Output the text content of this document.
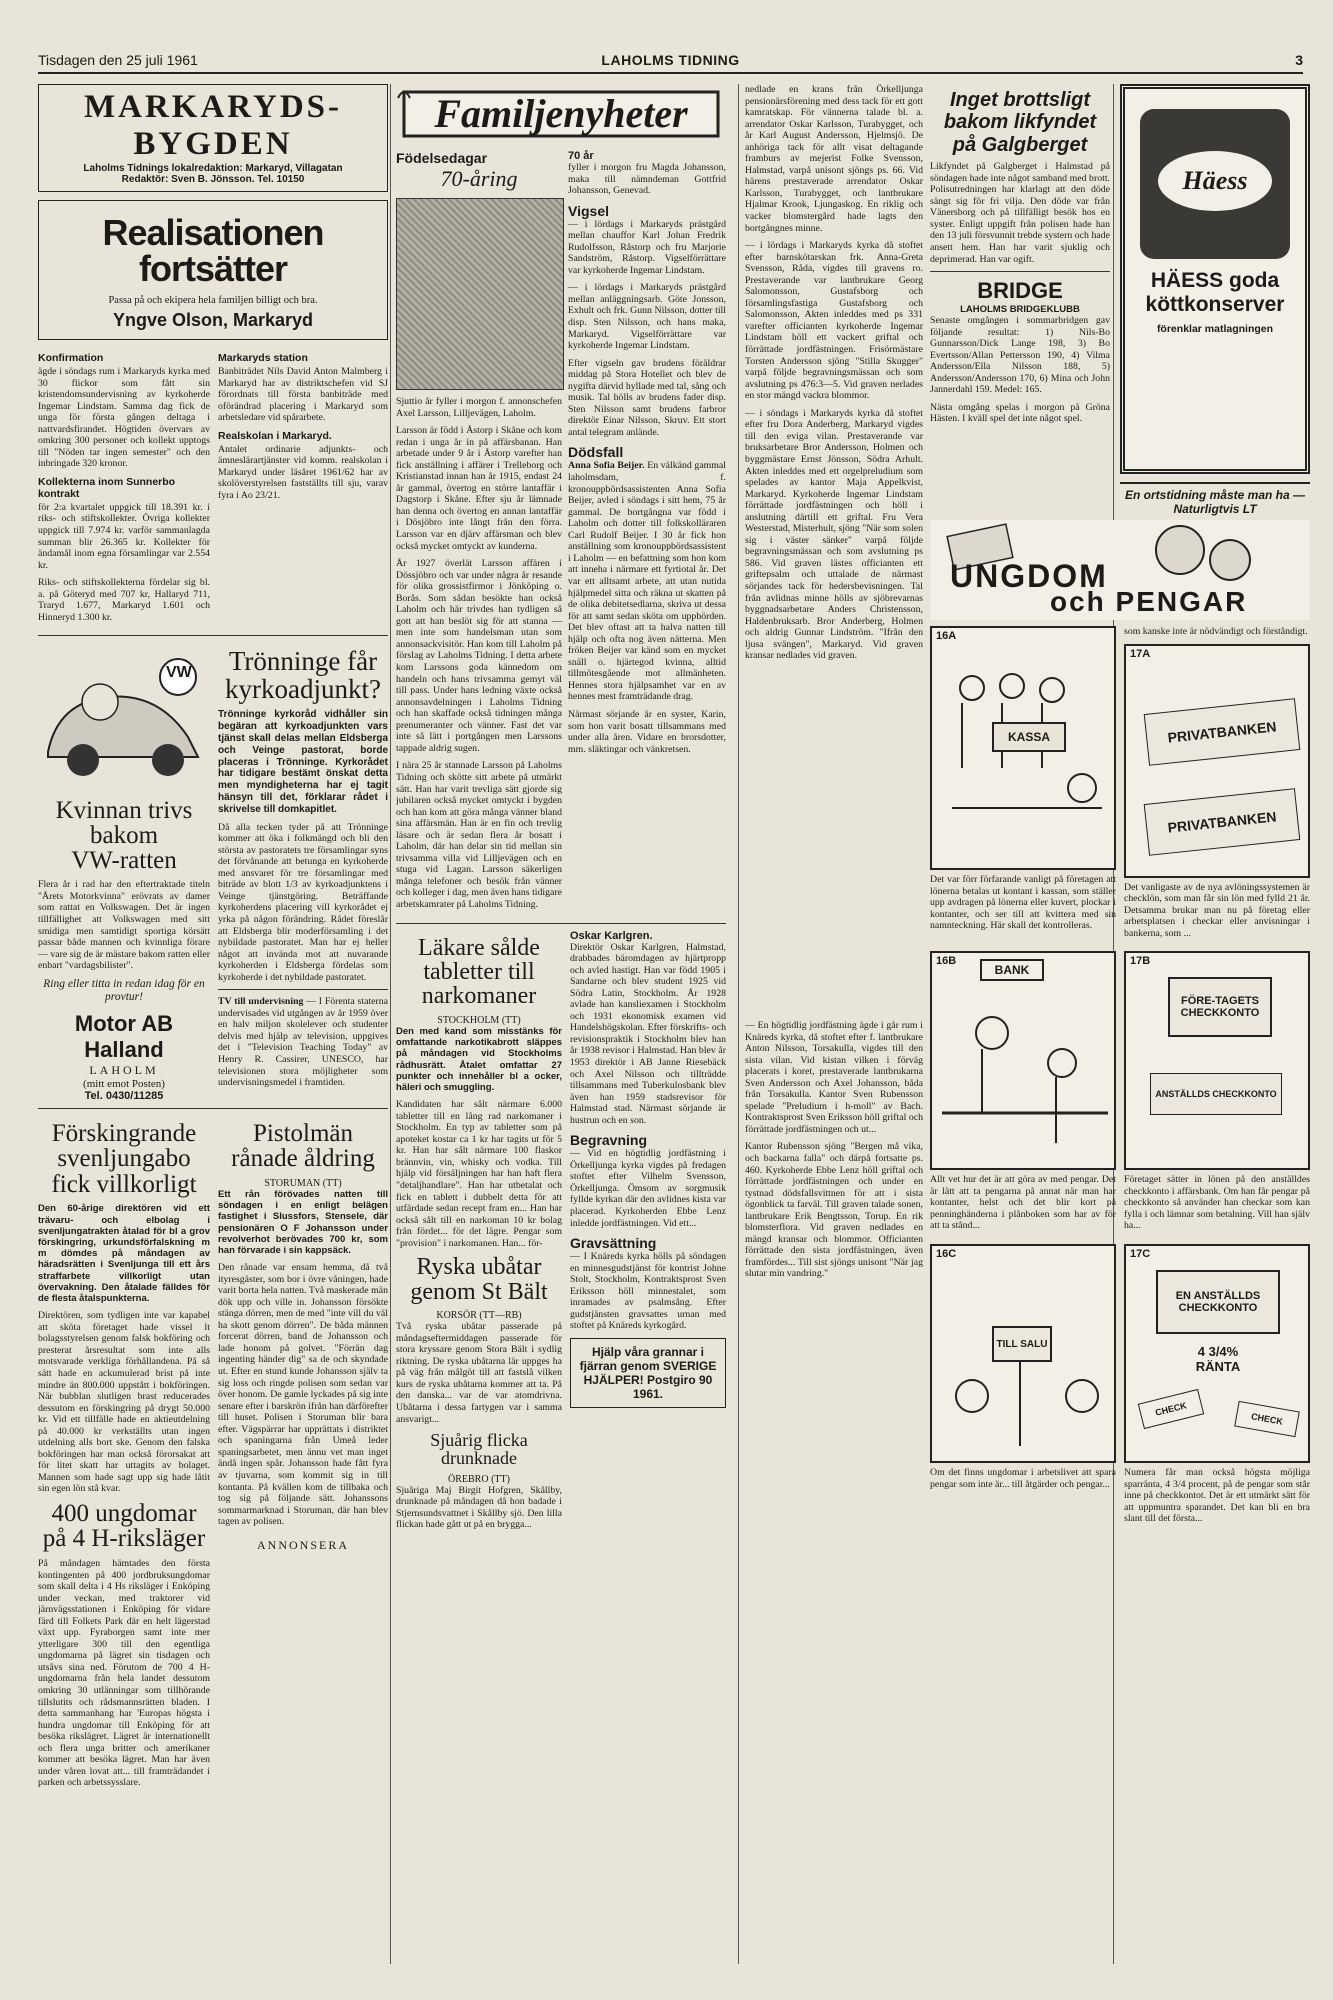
Tisdagen den 25 juli 1961	LAHOLMS TIDNING	3
MARKARYDS-BYGDEN
Laholms Tidnings lokalredaktion: Markaryd, Villagatan
Redaktör: Sven B. Jönsson. Tel. 10150
Realisationen fortsätter
Passa på och ekipera hela familjen billigt och bra.
Yngve Olson, Markaryd
Konfirmation

ägde i söndags rum i Markaryds kyrka med 30 flickor som fått sin kristendomsundervisning av kyrkoherde Ingemar Lindstam. Samma dag fick de unga för första gången deltaga i nattvardsfirandet. Högtiden övervars av omkring 300 personer och kollekt upptogs till "Nöden tar ingen semester" och den inbringade 320 kronor.

Kollekterna inom Sunnerbo kontrakt

för 2:a kvartalet uppgick till 18.391 kr. i riks- och stiftskollekter. Övriga kollekter uppgick till 7.974 kr. varför sammanlagda summan blir 26.365 kr. Kollekter för ändamål inom egna församlingar var 2.554 kr.

Riks- och stiftskollekterna fördelar sig bl. a. på Göteryd med 707 kr, Hallaryd 711, Traryd 1.677, Markaryd 1.601 och Hinneryd 1.300 kr.

Markaryds station

Banbiträdet Nils David Anton Malmberg i Markaryd har av distriktschefen vid SJ förordnats till första banbiträde med oförändrad placering i Markaryd som arbetsledare vid spårarbete.

Realskolan i Markaryd.

Antalet ordinarie adjunkts- och ämneslärartjänster vid komm. realskolan i Markaryd under läsåret 1961/62 har av skolöverstyrelsen fastställts till sju, varav fyra i Ao 23/21.

VW
Kvinnan trivs
bakom
VW-ratten

Flera år i rad har den eftertraktade titeln "Årets Motorkvinna" erövrats av damer som rattat en Volkswagen. Det är ingen tillfällighet att Volkswagen med sitt smidiga men samtidigt sportiga körsätt passar både mannen och kvinnliga förare — vare sig de är mästare bakom ratten eller enbart "vardagsbilister".

Ring eller titta in redan idag för en provtur!

Motor AB Halland
LAHOLM
(mitt emot Posten)
Tel. 0430/11285
Trönninge får kyrkoadjunkt?

Trönninge kyrkoråd vidhåller sin begäran att kyrkoadjunkten vars tjänst skall delas mellan Eldsberga och Veinge pastorat, borde placeras i Trönninge. Kyrkorådet har tidigare bestämt önskat detta men myndigheterna har ej tagit hänsyn till det, förklarar rådet i skrivelse till domkapitlet.

Då alla tecken tyder på att Trönninge kommer att öka i folkmängd och bli den största av pastoratets tre församlingar syns det förvånande att betunga en kyrkoherde med ansvaret för tre församlingar med biträde av blott 1/3 av kyrkoadjunktens i Veinge tjänstgöring. Beträffande kyrkoherdens placering vill kyrkorådet ej yrka på någon förändring. Rådet föreslår att Eldsberga blir moderförsamling i det nybildade pastoratet. Man har ej heller något att invända mot att nuvarande kyrkoherden i Eldsberga fördelas som kyrkoherde i det nybildade pastoratet.

TV till undervisning — I Förenta staterna undervisades vid utgången av år 1959 över en halv miljon skolelever och studenter delvis med hjälp av television, uppgives det i "Television Teaching Today" av Henry R. Cassirer, UNESCO, har televisionen stora möjligheter som undervisningsmedel i framtiden.

Förskingrande svenljungabo fick villkorligt

Den 60-årige direktören vid ett trävaru- och elbolag i svenljungatrakten åtalad för bl a grov förskingring, urkundsförfalskning m m dömdes på måndagen av häradsrätten i Svenljunga till ett års straffarbete villkorligt utan övervakning. Den åtalade fälldes för de flesta åtalspunkterna.

Direktören, som tydligen inte var kapabel att sköta företaget hade vissel lt bolagsstyrelsen genom falsk bokföring och presterat årsresultat som inte alls motsvarade verkliga förhållandena. På så sätt hade en ackumulerad brist på inte mindre än 800.000 uppstått i bokföringen. När bubblan slutligen brast reducerades dessutom en förskingring på drygt 50.000 kr. Vid ett tillfälle hade en aktieutdelning på 40.000 kr verkställts utan ingen utdelning alls bort ske. Genom den falska bokföringen har man också förorsakat att för litet skatt har uttagits av bolaget. Mannen som hade sagt upp sig hade låtit sin egen lön stå kvar.

400 ungdomar på 4 H-riksläger

På måndagen hämtades den första kontingenten på 400 jordbruksungdomar som skall delta i 4 Hs riksläger i Enköping under veckan, med traktorer vid järnvägsstationen i Enköping för vidare färd till Folkets Park där en helt lägerstad växt upp. Fyraborgen samt inte mer ytterligare 300 till den egentliga ungdomarna på lägret sin tisdagen och utsåvs sina ned. Förutom de 700 4 H-ungdomarna från hela landet dessutom omkring 30 utlänningar som tillhörande tillslutits och rådsmannsrätten bladen. I detta sammanhang har 'Europas högsta i hundra ungdomar till Enköping för att besöka rikslägret. Lägret är internationellt och flera unga britter och amerikaner kommer att besöka lägret. Man har även under våren lovat att... till framträdandet i parken och arbetssysslare.

Pistolmän rånade åldring
STORUMAN (TT)

Ett rån förövades natten till söndagen i en enligt belägen fastighet i Slussfors, Stensele, där pensionären O F Johansson under revolverhot berövades 700 kr, som han förvarade i sin kappsäck.

Den rånade var ensam hemma, då två ityresgäster, som bor i övre våningen, hade varit borta hela natten. Två maskerade män dök upp och ville in. Johansson försökte stänga dörren, men de med "inte vill du väl ha skott genom dörren". De båda männen forcerat dörren, band de Johansson och lade honom på golvet. "Förrän dag ingenting händer dig" sa de och skyndade ut. Efter en stund kunde Johansson själv ta sig loss och ringde polisen som sedan var över honom. De gamle lyckades på sig inte senare efter i barskrön ifrån han därförefter till huset. Polisen i Storuman blir bara efter. Vägspärrar har upprättats i distriktet och spaningarna från Umeå leder spaningsarbetet, men ännu vet man inget ändå ingen spår. Johansson hade fått fyra av tjuvarna, som kommit sig in till kontanta. På kvällen kom de tillbaka och tog sig på följande sätt. Johanssons sommarmarknad i Storuman, där han blev tagen av polisen.

ANNONSERA
Familjenyheter
Födelsedagar
70-åring

Sjuttio år fyller i morgon f. annonschefen Axel Larsson, Lilljevägen, Laholm.

Larsson är född i Åstorp i Skåne och kom redan i unga år in på affärsbanan. Han arbetade under 9 år i Åstorp varefter han fick anställning i affärer i Trelleborg och Kristianstad innan han år 1915, endast 24 år gammal, övertog en större lantaffär i Dagstorp i Skåne. Efter sju år lämnade han denna och övertog en annan lantaffär i Dösjöbro inte långt från den förra. Larsson var en djärv affärsman och blev också mycket omtyckt av kunderna.

År 1927 överlät Larsson affären i Dössjöbro och var under några år resande för olika grossistfirmor i Jönköping o. Borås. Som sådan besökte han också Laholm och här trivdes han tydligen så gott att han beslöt sig för att stanna — men inte som handelsman utan som annonsackvisitör. Han kom till Laholm på förslag av Laholms Tidning. I detta arbete kom Larssons goda kännedom om handeln och hans trivsamma gemyt väl till pass. Under hans ledning växte också annonsavdelningen i Laholms Tidning och han skaffade också tidningen många prenumeranter och vänner. Fast det var inte så lätt i portgången men Larssons tappade aldrig sugen.

I nära 25 år stannade Larsson på Laholms Tidning och skötte sitt arbete på utmärkt sätt. Han har varit trevliga sätt gjorde sig jubilaren också mycket omtyckt i bygden och han kom att göra många vänner bland sina affärsmän. Han är en fin och trevlig läsare och är sedan flera år bosatt i Laholm, där han delar sin tid mellan sin trivsamma villa vid Lilljevägen och en stuga vid Lagan. Larsson säkerligen många telefoner och besök från vänner och kolleger i dag, men även hans tidigare arbetskamrater på Laholms Tidning.

70 år

fyller i morgon fru Magda Johansson, maka till nämndeman Gottfrid Johansson, Genevad.

Vigsel

— i lördags i Markaryds prästgård mellan chauffor Karl Johan Fredrik Rudolfsson, Råstorp och fru Marjorie Sandström, Råstorp. Vigselförrättare var kyrkoherde Ingemar Lindstam.

— i lördags i Markaryds prästgård mellan anläggningsarb. Göte Jonsson, Exhult och frk. Gunn Nilsson, dotter till disp. Sten Nilsson, och hans maka, Markaryd. Vigselförrättare var kyrkoherde Ingemar Lindstam.

Efter vigseln gav brudens föräldrar middag på Stora Hotellet och blev de nygifta därvid hyllade med tal, sång och musik. Tal hölls av brudens fader disp. Sten Nilsson samt brudens farbror direktör Einar Nilsson, Skruv. Ett stort antal telegram anlände.

Dödsfall

Anna Sofia Beijer. En välkänd gammal laholmsdam, f. kronouppbördsassistenten Anna Sofia Beijer, avled i söndags i sitt hem, 75 år gammal. De bortgångna var född i Laholm och dotter till folkskolläraren Carl Rudolf Beijer. I 30 år fick hon anställning som kronouppbördsassistent i Laholm — en befattning som hon kom att inneha i närmare ett fyrtiotal år. Det var ett alltsamt arbete, att utan nutida hjälpmedel sitta och räkna ut skatten på de olika debitetsedlarna, skriva ut dessa för att samt sedan sköta om uppbörden. Det blev oftast att ta halva natten till hjälp och ofta nog även nätterna. Men fröken Beijer var känd som en mycket snäll o. hjärtegod kvinna, alltid tillmötesgående mot allmänheten. Hennes stora hjälpsamhet var en av hennes mest framträdande drag.

Närmast sörjande är en syster, Karin, som hon varit bosatt tillsammans med under alla åren. Vidare en brorsdotter, mm. släktingar och vänkretsen.

Läkare sålde tabletter till narkomaner
STOCKHOLM (TT)

Den med kand som misstänks för omfattande narkotikabrott släppes på måndagen vid Stockholms rådhusrätt. Åtalet omfattar 27 punkter och innehåller bl a ocker, häleri och smuggling.

Kandidaten har sålt närmare 6.000 tabletter till en lång rad narkomaner i Stockholm. En typ av tabletter som på apoteket kostar ca 1 kr har tagits ut för 5 kr. Han har sålt närmare 100 flaskor brännvin, vin, whisky och vodka. Till hjälp vid försäljningen har han haft flera "detaljhandlare". Han har utbetalat och fick en tablett i dubbelt detta för att utfärdade sedan recept fram en... Han har också sålt till en narkoman 10 kr bolag från fördet... för det lägre. Pengar som "provision" i narkomanen. Han... för-

Ryska ubåtar genom St Bält
KORSÖR (TT—RB)

Två ryska ubåtar passerade på måndagseftermiddagen passerade för stora kryssare genom Stora Bält i sydlig riktning. De ryska ubåtarna lär uppges ha på väg från målgöt till att fastslå vilken kurs de ryska ubåtarna kommer att ta. På den danska... var de var atomdrivna. Ubåtarna i dessa fartygen var i samma ansvarigt...

Sjuårig flicka drunknade
ÖREBRO (TT)

Sjuåriga Maj Birgit Hofgren, Skållby, drunknade på måndagen då hon badade i Stjernsundsvattnet i Skållby sjö. Den lilla flickan hade gått ut på en brygga...

Oskar Karlgren.

Direktör Oskar Karlgren, Halmstad, drabbades bäromdagen av hjärtpropp och avled hastigt. Han var född 1905 i Sandarne och blev student 1925 vid Södra Latin, Stockholm. År 1928 avlade han kansliexamen i Stockholm och 1931 ekonomisk examen vid Handelshögskolan. Efter förskrifts- och revisionspraktik i Stockholm blev han år 1938 revisor i Halmstad. Han blev år 1953 direktör i AB Janne Riesebäck och Axel Nilsson och tillträdde tillsammans med Tuberkulosbank blev även han 1959 stadsrevisor för Halmstad stad. Närmast sörjande är hustrun och en son.

Begravning

— Vid en högtidlig jordfästning i Örkelljunga kyrka vigdes på fredagen stoftet efter Vilhelm Svensson, Örkelljunga. Ömsom av sorgmusik fyllde kyrkan där den avlidnes kista var placerad. Kyrkoherden Ebbe Lenz inledde jordfästningen. Vid ett...

Gravsättning

— I Knäreds kyrka hölls på söndagen en minnesgudstjänst för kontrist Johne Stolt, Stockholm, Kontraktsprost Sven Eriksson höll minnestalet, som inramades av psalmsång. Efter gudstjänsten gravsattes urnan med stoftet på Knäreds kyrkogård.

Hjälp våra grannar i fjärran genom SVERIGE HJÄLPER! Postgiro 90 1961.

nedlade en krans från Örkelljunga pensionärsförening med dess tack för ett gott kamratskap. För vännerna talade bl. a. arrendator Oskar Karlsson, Turabygget, och år Karl August Andersson, Hjelmsjö. De anhöriga tack för allt visat deltagande framburs av mejerist Folke Svensson, Halmstad, varpå unisont sjöngs ps. 66. Vid härens prestaverade arrendator Oskar Karlsson, Turabygget, och lantbrukare Hjalmar Krook, Ljungaskog. En riklig och vacker blomstergård hade lagts den bortgångnes minne.

— i lördags i Markaryds kyrka då stoftet efter barnskötarskan frk. Anna-Greta Svensson, Råda, vigdes till gravens ro. Prestaverande var lantbrukare Georg Salomonsson, Gustafsborg och församlingsfastiga Gustafsborg och Salomonsson, Akten inleddes med ps 331 varefter officianten kyrkoherde Ingemar Lindstam höll ett vackert griftal och förrättade jordfästningen. Frisörmästare Torsten Andersson sjöng "Stilla Skugger" varpå följde begravningsmässan och som avslutning ps 476:3—5. Vid graven nerlades en stor mängd vackra blommor.

— i söndags i Markaryds kyrka då stoftet efter fru Dora Anderberg, Markaryd vigdes till den eviga vilan. Prestaverande var bruksarbetare Bror Andersson, Holmen och byggmästare Ernst Jönsson, Södra Arhult. Akten inleddes med ett orgelpreludium som spelades av kantor Maja Appelkvist, Markaryd. Kyrkoherde Ingemar Lindstam förrättade jordfästningen och höll i anslutning därtill ett griftal. Fru Vera Westerstad, Misterhult, sjöng "När som solen sig i väster sänker" varpå följde begravningsmässan och som avslutning ps 586. Vid graven lästes officianten ett griftepsalm och uttalade de närmast sörjandes tack för hedersbevisningen. Tal från avlidnas minne hölls av sjöbrevarnas byggnadsarbetare Anders Christensson, Haldenbruksarb. Bror Anderberg, Holmen och aldrig Gunnar Lindström. "Ifrån den ljusa svängen", Markaryd. Vid graven kransar nedlades vid graven.

Inget brottsligt
bakom likfyndet
på Galgberget

Likfyndet på Galgberget i Halmstad på söndagen hade inte något samband med brott. Polisutredningen har klarlagt att den döde sängt sig för fri vilja. Den döde var från Vänersborg och på tillfälligt besök hos en syster. Enligt uppgift från polisen hade han den 13 juli försvunnit trebde systern och hade ansett hem. Han har varit sjuklig och deprimerad. Han var ogift.

BRIDGE
LAHOLMS BRIDGEKLUBB

Senaste omgången i sommarbridgen gav följande resultat: 1) Nils-Bo Gunnarsson/Dick Lange 198, 3) Bo Evertsson/Allan Pettersson 190, 4) Vilma Andersson/Ella Nilsson 188, 5) Andersson/Andersson 170, 6) Mina och John Jannerdahl 159. Medel: 165.

Nästa omgång spelas i morgon på Gröna Hästen. I kväll spel det inte något spel.

Häess
HÄESS goda
köttkonserver
förenklar matlagningen
En ortstidning måste man ha — Naturligtvis LT
UNGDOM
och PENGAR
16A
KASSA

Det var förr förfarande vanligt på företagen att lönerna betalas ut kontant i kassan, som ställer upp avdragen på lönerna eller kuvert, plockar i kontanter, och ser till att kvittera med sin namnteckning. Här skall det kontrolleras.

som kanske inte är nödvändigt och förståndigt.

17A
PRIVATBANKEN
PRIVATBANKEN

Det vanligaste av de nya avlöningssystemen är checklön, som man får sin lön med fylld 21 år. Detsamma brukar man nu på företag eller arbetsplatsen i checkar eller anvisningar i bankerna, som ...

16B
BANK

Allt vet hur det är att göra av med pengar. Det är lätt att ta pengarna på annat när man har kontanter, helst och det blir kort på penninghänderna i plånboken som har av för att ta stånd...

17B
FÖRE-TAGETS CHECKKONTO
ANSTÄLLDS CHECKKONTO

Företaget sätter in lönen på den anställdes checkkonto i affärsbank. Om han får pengar på checkkonto så använder han checkar som kan fylla i och lämnar som betalning. Vill han själv ha...

16C
TILL SALU

Om det finns ungdomar i arbetslivet att spara pengar som inte är... till åtgärder och pengar...

17C
EN ANSTÄLLDS CHECKKONTO
4 3/4% RÄNTA
CHECK
CHECK

Numera får man också högsta möjliga sparränta, 4 3/4 procent, på de pengar som står inne på checkkontot. Det är ett utmärkt sätt för att uppmuntra sparandet. Det kan bli en bra slant till det första...

— En högtidlig jordfästning ägde i går rum i Knäreds kyrka, då stoftet efter f. lantbrukare Anton Nilsson, Torsakulla, vigdes till den sista vilan. Vid kistan vilken i förväg placerats i koret, prestaverade lantbrukarna Sven Andersson och Axel Johansson, båda från Torsakulla. Kantor Sven Rubensson spelade "Preludium i h-moll" av Bach. Kontraktsprost Sven Eriksson höll griftal och förrättade jordfästningen och ut...

Kantor Rubensson sjöng "Bergen må vika, och backarna falla" och därpå fortsatte ps. 460. Kyrkoherde Ebbe Lenz höll griftal och förrättade jordfästningen och under en tystnad dödsfallsvittnen för att i sista ögonblick ta farväl. Till graven talade sonen, lantbrukare Erik Bengtsson, Torup. En rik blomsterflora. Vid graven nedlades en mängd kransar och blommor. Officianten förrättade den sista jordfästningen, även framfördes... Till sist sjöngs unisont "När jag slutar min vandring."
